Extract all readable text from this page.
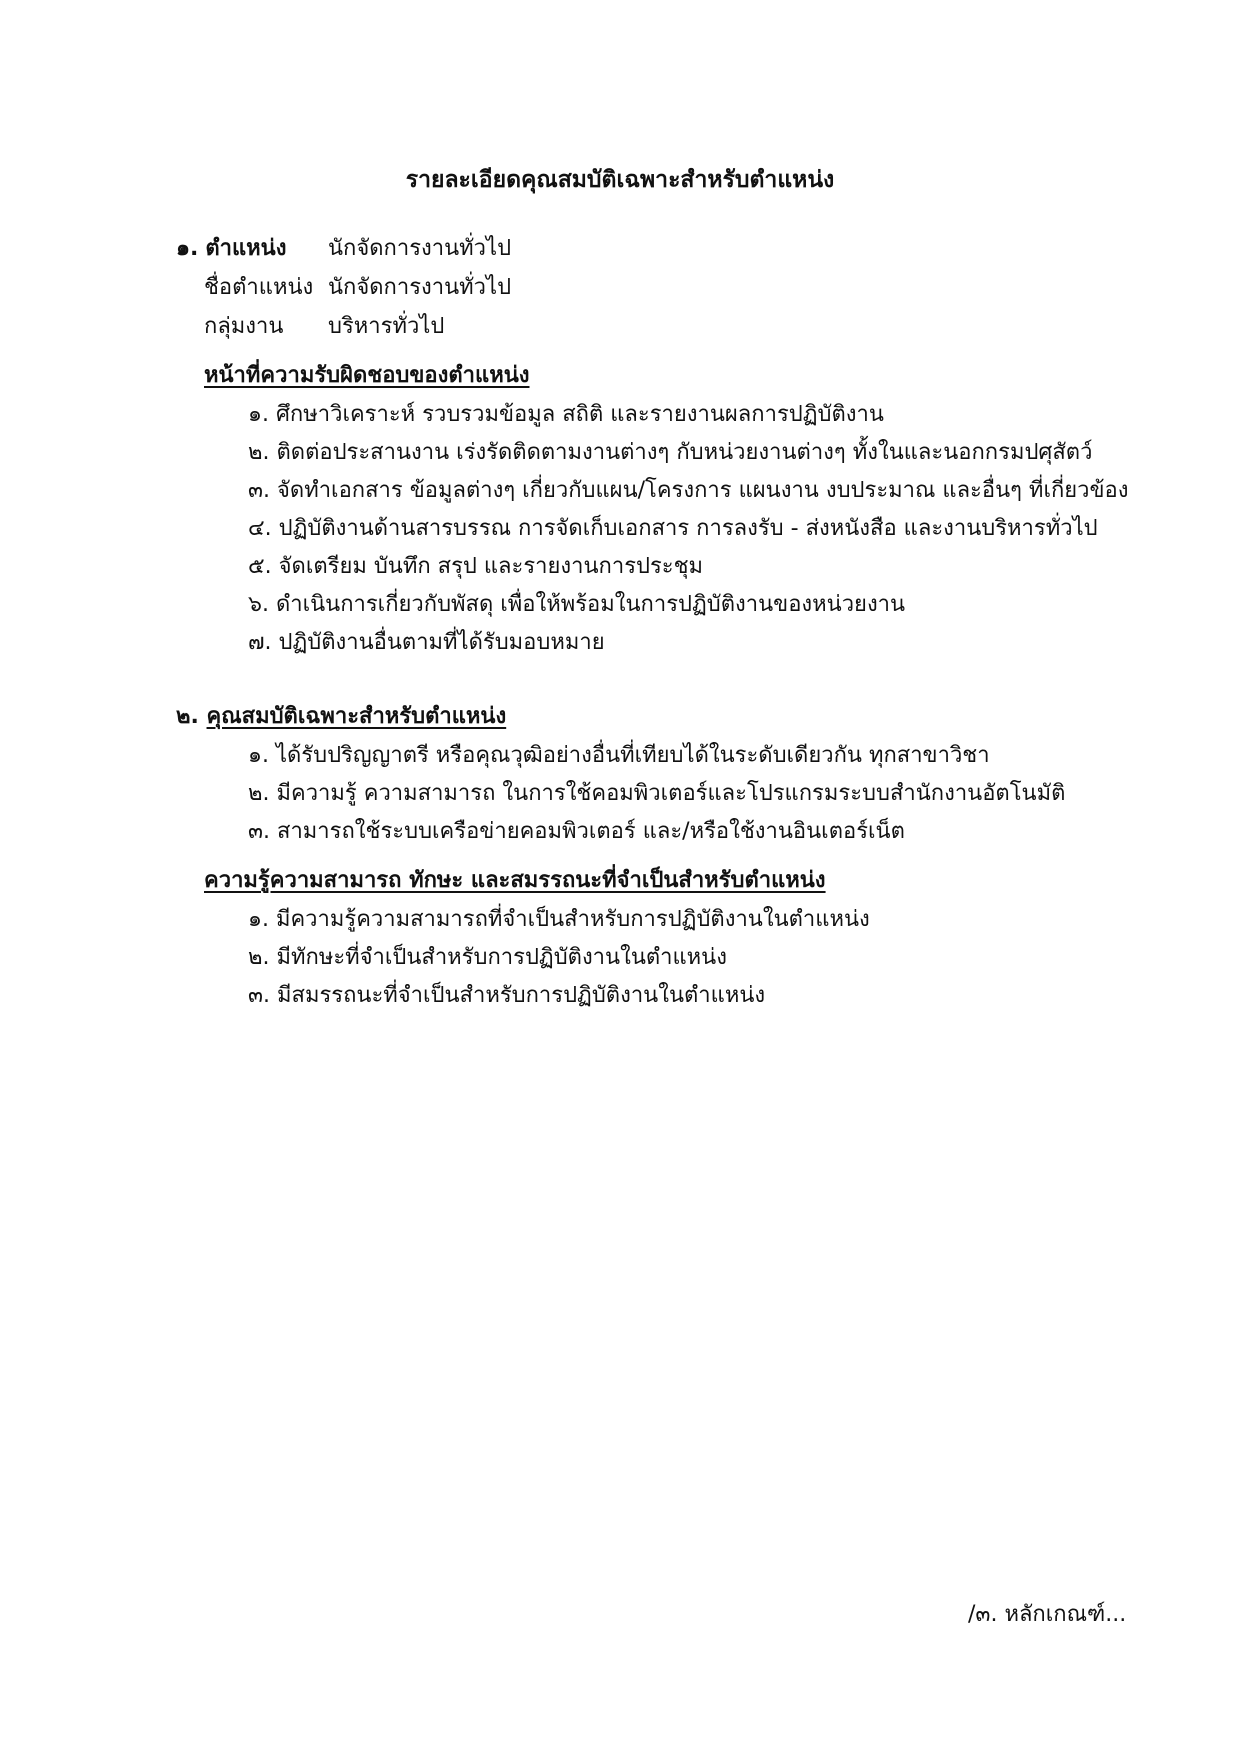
รายละเอียดคุณสมบัติเฉพาะสำหรับตำแหน่ง
๑. ตำแหน่ง นักจัดการงานทั่วไป
ชื่อตำแหน่ง นักจัดการงานทั่วไป
กลุ่มงาน บริหารทั่วไป
หน้าที่ความรับผิดชอบของตำแหน่ง
๑. ศึกษาวิเคราะห์ รวบรวมข้อมูล สถิติ และรายงานผลการปฏิบัติงาน
๒. ติดต่อประสานงาน เร่งรัดติดตามงานต่างๆ กับหน่วยงานต่างๆ ทั้งในและนอกกรมปศุสัตว์
๓. จัดทำเอกสาร ข้อมูลต่างๆ เกี่ยวกับแผน/โครงการ แผนงาน งบประมาณ และอื่นๆ ที่เกี่ยวข้อง
๔. ปฏิบัติงานด้านสารบรรณ การจัดเก็บเอกสาร การลงรับ - ส่งหนังสือ และงานบริหารทั่วไป
๕. จัดเตรียม บันทึก สรุป และรายงานการประชุม
๖. ดำเนินการเกี่ยวกับพัสดุ เพื่อให้พร้อมในการปฏิบัติงานของหน่วยงาน
๗. ปฏิบัติงานอื่นตามที่ได้รับมอบหมาย
๒. คุณสมบัติเฉพาะสำหรับตำแหน่ง
๑. ได้รับปริญญาตรี หรือคุณวุฒิอย่างอื่นที่เทียบได้ในระดับเดียวกัน ทุกสาขาวิชา
๒. มีความรู้ ความสามารถ ในการใช้คอมพิวเตอร์และโปรแกรมระบบสำนักงานอัตโนมัติ
๓. สามารถใช้ระบบเครือข่ายคอมพิวเตอร์ และ/หรือใช้งานอินเตอร์เน็ต
ความรู้ความสามารถ ทักษะ และสมรรถนะที่จำเป็นสำหรับตำแหน่ง
๑. มีความรู้ความสามารถที่จำเป็นสำหรับการปฏิบัติงานในตำแหน่ง
๒. มีทักษะที่จำเป็นสำหรับการปฏิบัติงานในตำแหน่ง
๓. มีสมรรถนะที่จำเป็นสำหรับการปฏิบัติงานในตำแหน่ง
/๓. หลักเกณฑ์...
